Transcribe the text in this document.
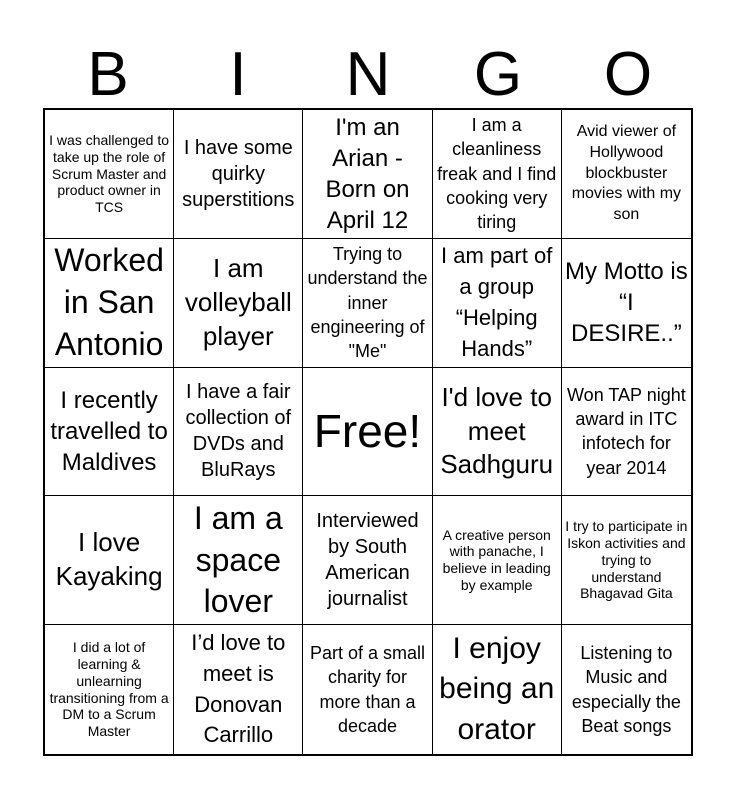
B	I	N	G	O
I was challenged to take up the role of Scrum Master and product owner in TCS
I have some quirky superstitions
I'm an Arian - Born on April 12
I am a cleanliness freak and I find cooking very tiring
Avid viewer of Hollywood blockbuster movies with my son
Worked in San Antonio
I am volleyball player
Trying to understand the inner engineering of "Me"
I am part of a group “Helping Hands”
My Motto is “I DESIRE..”
I recently travelled to Maldives
I have a fair collection of DVDs and BluRays
Free!
I'd love to meet Sadhguru
Won TAP night award in ITC infotech for year 2014
I love Kayaking
I am a space lover
Interviewed by South American journalist
A creative person with panache, I believe in leading by example
I try to participate in Iskon activities and trying to understand Bhagavad Gita
I did a lot of learning & unlearning transitioning from a DM to a Scrum Master
I’d love to meet is Donovan Carrillo
Part of a small charity for more than a decade
I enjoy being an orator
Listening to Music and especially the Beat songs
